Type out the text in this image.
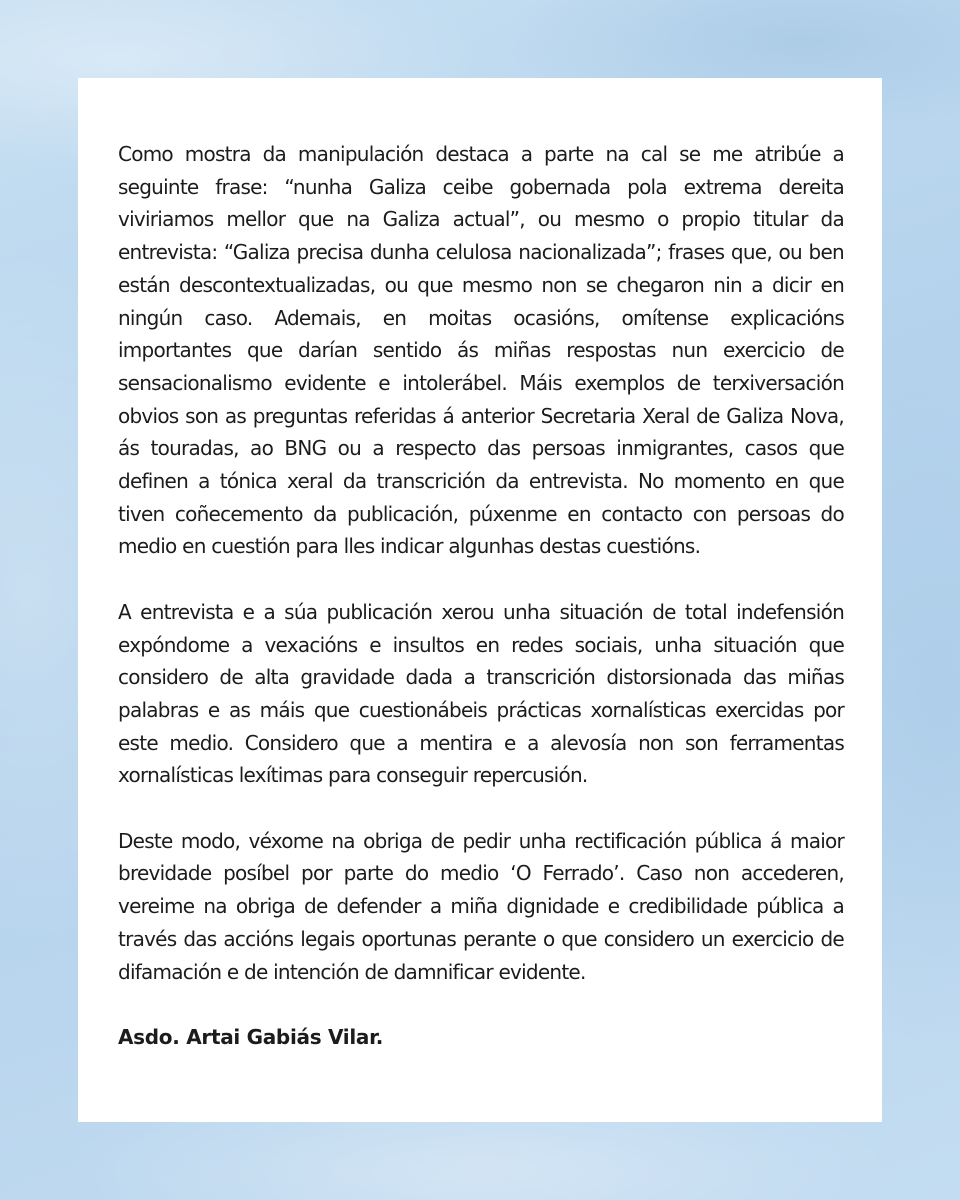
Como mostra da manipulación destaca a parte na cal se me atribúe a seguinte frase: “nunha Galiza ceibe gobernada pola extrema dereita viviriamos mellor que na Galiza actual”, ou mesmo o propio titular da entrevista: “Galiza precisa dunha celulosa nacionalizada”; frases que, ou ben están descontextualizadas, ou que mesmo non se chegaron nin a dicir en ningún caso. Ademais, en moitas ocasións, omítense explicacións importantes que darían sentido ás miñas respostas nun exercicio de sensacionalismo evidente e intolerábel. Máis exemplos de terxiversación obvios son as preguntas referidas á anterior Secretaria Xeral de Galiza Nova, ás touradas, ao BNG ou a respecto das persoas inmigrantes, casos que definen a tónica xeral da transcrición da entrevista. No momento en que tiven coñecemento da publicación, púxenme en contacto con persoas do medio en cuestión para lles indicar algunhas destas cuestións.

A entrevista e a súa publicación xerou unha situación de total indefensión expóndome a vexacións e insultos en redes sociais, unha situación que considero de alta gravidade dada a transcrición distorsionada das miñas palabras e as máis que cuestionábeis prácticas xornalísticas exercidas por este medio. Considero que a mentira e a alevosía non son ferramentas xornalísticas lexítimas para conseguir repercusión.

Deste modo, véxome na obriga de pedir unha rectificación pública á maior brevidade posíbel por parte do medio ‘O Ferrado’. Caso non accederen, vereime na obriga de defender a miña dignidade e credibilidade pública a través das accións legais oportunas perante o que considero un exercicio de difamación e de intención de damnificar evidente.

Asdo. Artai Gabiás Vilar.
